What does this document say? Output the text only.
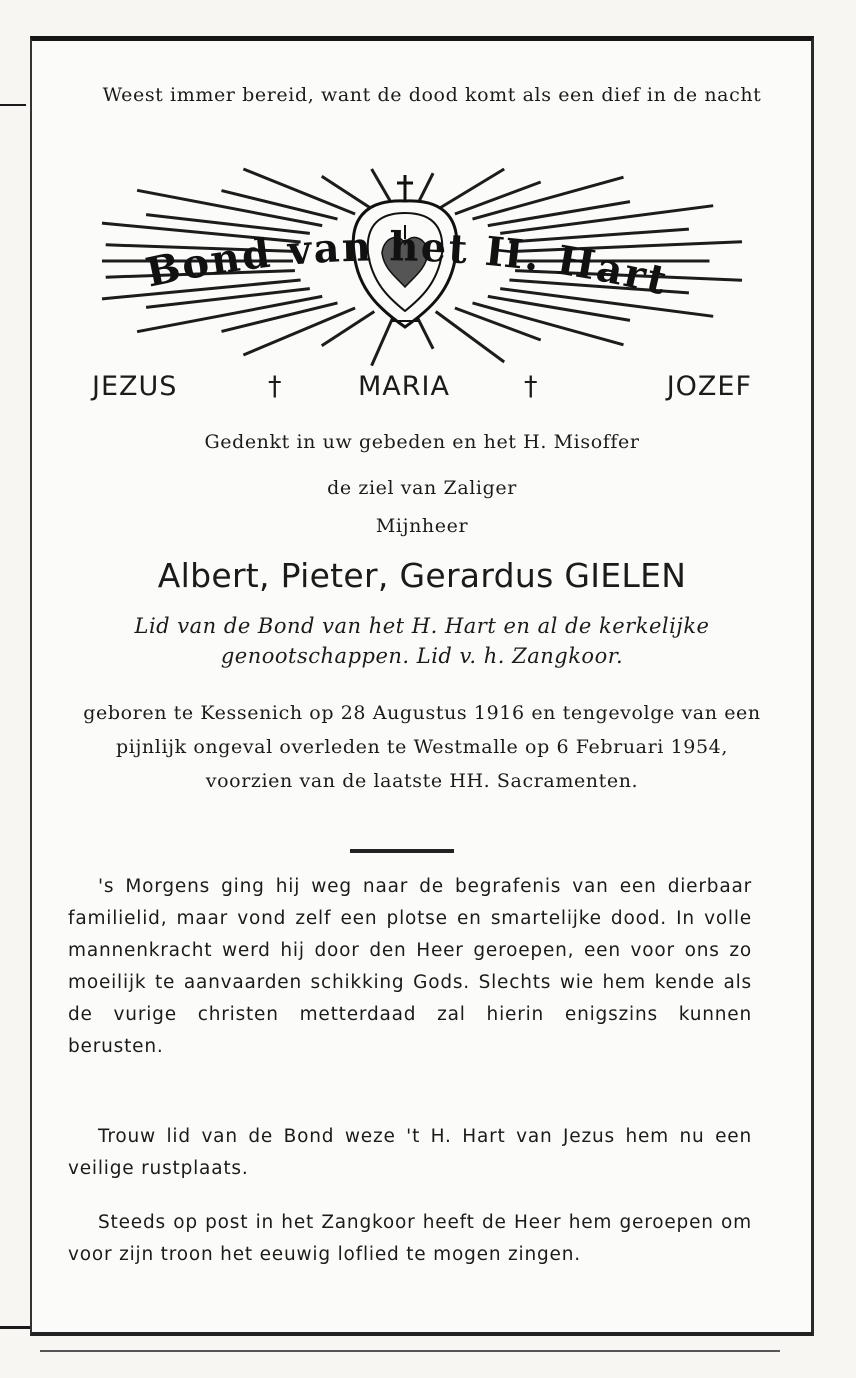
Weest immer bereid, want de dood komt als een dief in de nacht
Bond van het H. Hart
JEZUS	†	MARIA	†	JOZEF
Gedenkt in uw gebeden en het H. Misoffer
de ziel van Zaliger
Mijnheer
Albert, Pieter, Gerardus GIELEN
Lid van de Bond van het H. Hart en al de kerkelijke genootschappen. Lid v. h. Zangkoor.
geboren te Kessenich op 28 Augustus 1916 en tengevolge van een pijnlijk ongeval overleden te Westmalle op 6 Februari 1954, voorzien van de laatste HH. Sacramenten.

's Morgens ging hij weg naar de begrafenis van een dierbaar familielid, maar vond zelf een plotse en smartelijke dood. In volle mannenkracht werd hij door den Heer geroepen, een voor ons zo moeilijk te aanvaarden schikking Gods. Slechts wie hem kende als de vurige christen metterdaad zal hierin enigszins kunnen berusten.

Trouw lid van de Bond weze 't H. Hart van Jezus hem nu een veilige rustplaats.

Steeds op post in het Zangkoor heeft de Heer hem geroepen om voor zijn troon het eeuwig loflied te mogen zingen.
